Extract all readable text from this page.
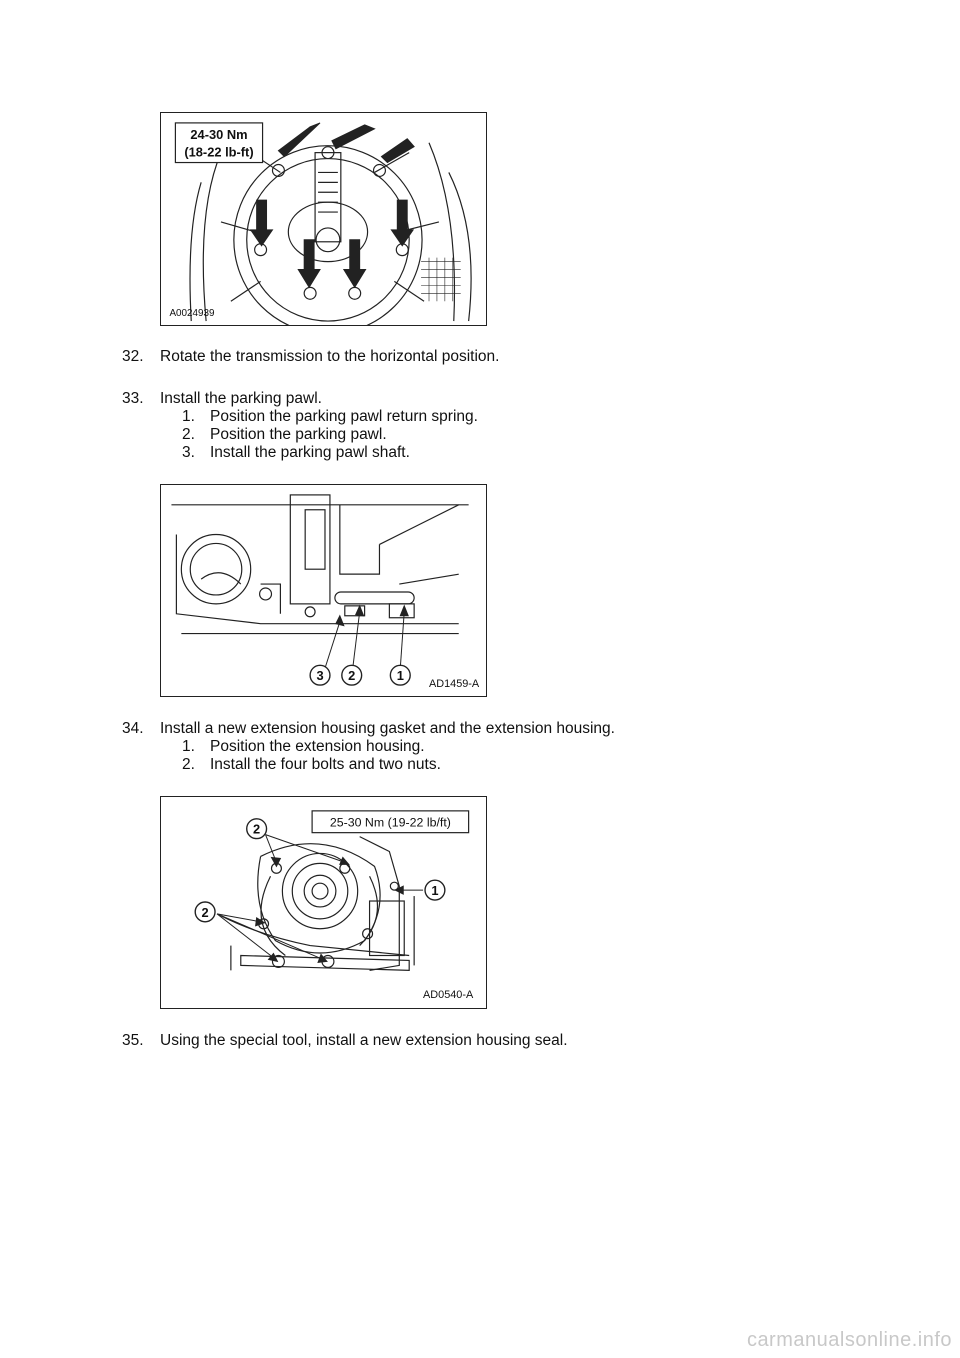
24-30 Nm
(18-22 lb-ft)
A0024939
32. Rotate the transmission to the horizontal position.
33. Install the parking pawl.
1. Position the parking pawl return spring.
2. Position the parking pawl.
3. Install the parking pawl shaft.
3 2	1
AD1459-A
34. Install a new extension housing gasket and the extension housing.
1. Position the extension housing.
2. Install the four bolts and two nuts.
2
1
2
25-30 Nm (19-22 lb/ft)
AD0540-A
35. Using the special tool, install a new extension housing seal.
carmanualsonline.info
